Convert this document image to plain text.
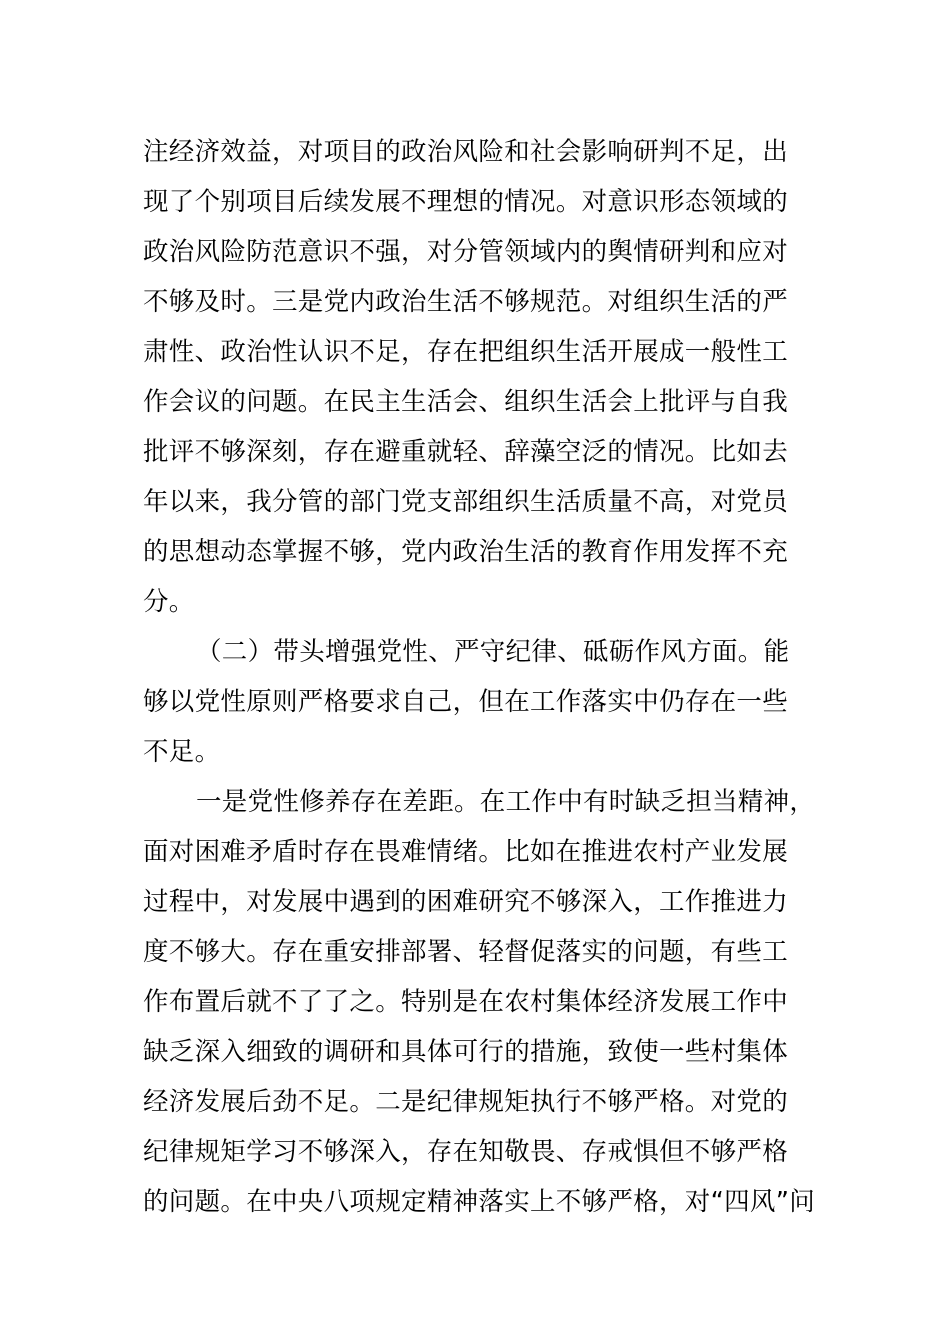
注经济效益，对项目的政治风险和社会影响研判不足，出
现了个别项目后续发展不理想的情况。对意识形态领域的
政治风险防范意识不强，对分管领域内的舆情研判和应对
不够及时。三是党内政治生活不够规范。对组织生活的严
肃性、政治性认识不足，存在把组织生活开展成一般性工
作会议的问题。在民主生活会、组织生活会上批评与自我
批评不够深刻，存在避重就轻、辞藻空泛的情况。比如去
年以来，我分管的部门党支部组织生活质量不高，对党员
的思想动态掌握不够，党内政治生活的教育作用发挥不充
分。
（二）带头增强党性、严守纪律、砥砺作风方面。能
够以党性原则严格要求自己，但在工作落实中仍存在一些
不足。
一是党性修养存在差距。在工作中有时缺乏担当精神，
面对困难矛盾时存在畏难情绪。比如在推进农村产业发展
过程中，对发展中遇到的困难研究不够深入，工作推进力
度不够大。存在重安排部署、轻督促落实的问题，有些工
作布置后就不了了之。特别是在农村集体经济发展工作中
缺乏深入细致的调研和具体可行的措施，致使一些村集体
经济发展后劲不足。二是纪律规矩执行不够严格。对党的
纪律规矩学习不够深入，存在知敬畏、存戒惧但不够严格
的问题。在中央八项规定精神落实上不够严格，对“四风”问
